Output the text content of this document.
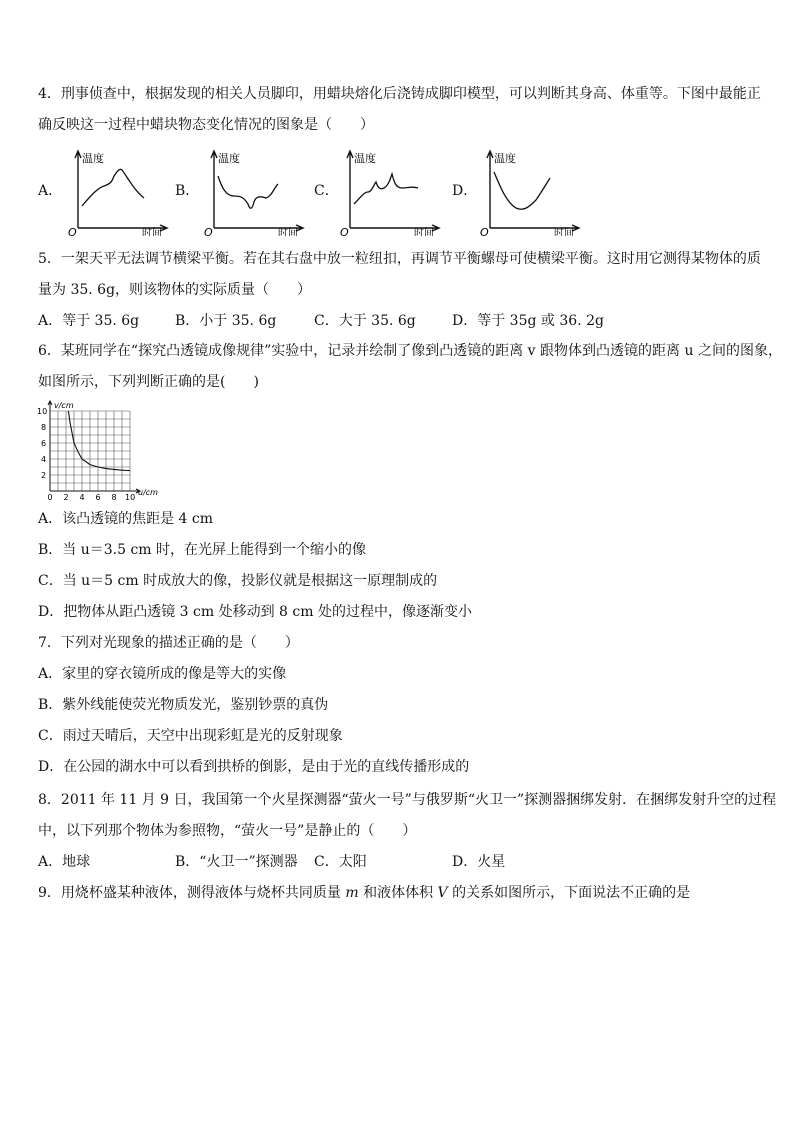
4．刑事侦查中，根据发现的相关人员脚印，用蜡块熔化后浇铸成脚印模型，可以判断其身高、体重等。下图中最能正
确反映这一过程中蜡块物态变化情况的图象是（　　）
A．	B．	C．	D．
温度
时间
O
温度
时间
O
温度
时间
O
温度
时间
O
5．一架天平无法调节横梁平衡。若在其右盘中放一粒纽扣，再调节平衡螺母可使横梁平衡。这时用它测得某物体的质
量为 35. 6g，则该物体的实际质量（　　）
A．等于 35. 6g	B．小于 35. 6g	C．大于 35. 6g	D．等于 35g 或 36. 2g
6．某班同学在“探究凸透镜成像规律”实验中，记录并绘制了像到凸透镜的距离 v 跟物体到凸透镜的距离 u 之间的图象，
如图所示，下列判断正确的是(　　)
0 2 4 6 8 10
2
4
6
8
10
v/cm
u/cm
A．该凸透镜的焦距是 4 cm
B．当 u＝3.5 cm 时，在光屏上能得到一个缩小的像
C．当 u＝5 cm 时成放大的像，投影仪就是根据这一原理制成的
D．把物体从距凸透镜 3 cm 处移动到 8 cm 处的过程中，像逐渐变小
7．下列对光现象的描述正确的是（　　）
A．家里的穿衣镜所成的像是等大的实像
B．紫外线能使荧光物质发光，鉴别钞票的真伪
C．雨过天晴后，天空中出现彩虹是光的反射现象
D．在公园的湖水中可以看到拱桥的倒影，是由于光的直线传播形成的
8．2011 年 11 月 9 日，我国第一个火星探测器“萤火一号”与俄罗斯“火卫一”探测器捆绑发射．在捆绑发射升空的过程
中，以下列那个物体为参照物，“萤火一号”是静止的（　　）
A．地球	B．“火卫一”探测器 C．太阳	D．火星
9．用烧杯盛某种液体，测得液体与烧杯共同质量 m 和液体体积 V 的关系如图所示，下面说法不正确的是
